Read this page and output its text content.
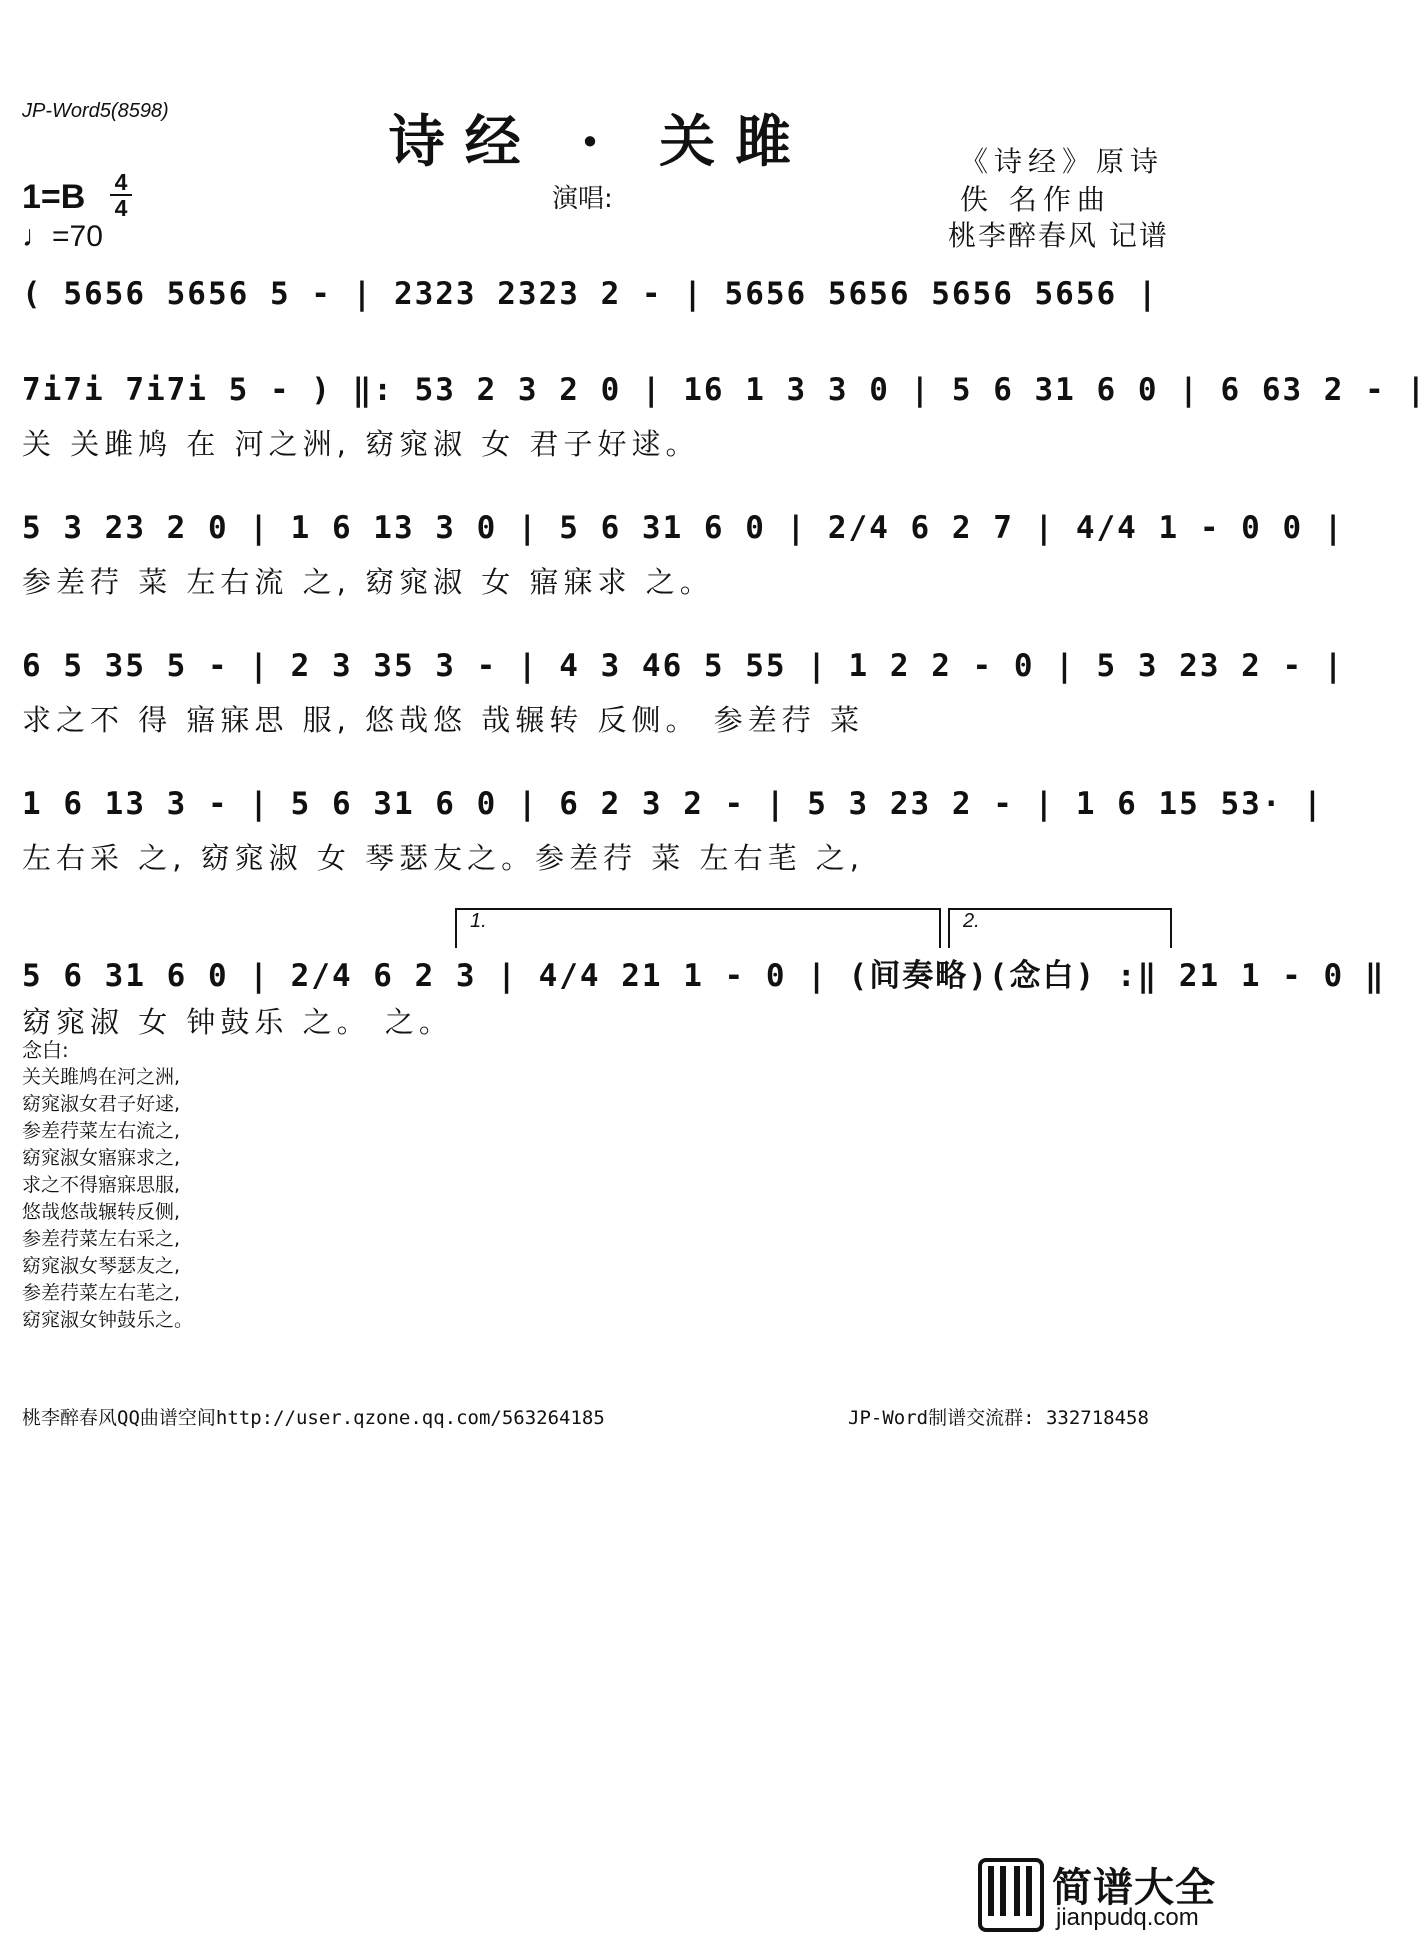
JP-Word5(8598)	诗经 · 关雎
1=B 4
4
♩=70
演唱:
《诗经》原诗
佚 名作曲
桃李醉春风 记谱
( 5656 5656 5 - | 2323 2323 2 - | 5656 5656 5656 5656 |
7i7i 7i7i 5 - ) ‖: 53 2 3 2 0 | 16 1 3 3 0 | 5 6 31 6 0 | 6 63 2 - |
关 关雎鸠 在 河之洲, 窈窕淑 女 君子好逑。
5 3 23 2 0 | 1 6 13 3 0 | 5 6 31 6 0 | 2/4 6 2 7 | 4/4 1 - 0 0 |
参差荇 菜 左右流 之, 窈窕淑 女 寤寐求 之。
6 5 35 5 - | 2 3 35 3 - | 4 3 46 5 55 | 1 2 2 - 0 | 5 3 23 2 - |
求之不 得 寤寐思 服, 悠哉悠 哉辗转 反侧。 参差荇 菜
1 6 13 3 - | 5 6 31 6 0 | 6 2 3 2 - | 5 3 23 2 - | 1 6 15 53· |
左右采 之, 窈窕淑 女 琴瑟友之。参差荇 菜 左右芼 之,
1.	2.
5 6 31 6 0 | 2/4 6 2 3 | 4/4 21 1 - 0 | (间奏略)(念白) :‖ 21 1 - 0 ‖
窈窕淑 女 钟鼓乐 之。 之。
念白:
关关雎鸠在河之洲,
窈窕淑女君子好逑,
参差荇菜左右流之,
窈窕淑女寤寐求之,
求之不得寤寐思服,
悠哉悠哉辗转反侧,
参差荇菜左右采之,
窈窕淑女琴瑟友之,
参差荇菜左右芼之,
窈窕淑女钟鼓乐之。
桃李醉春风QQ曲谱空间http://user.qzone.qq.com/563264185	JP-Word制谱交流群: 332718458
简谱大全
jianpudq.com
